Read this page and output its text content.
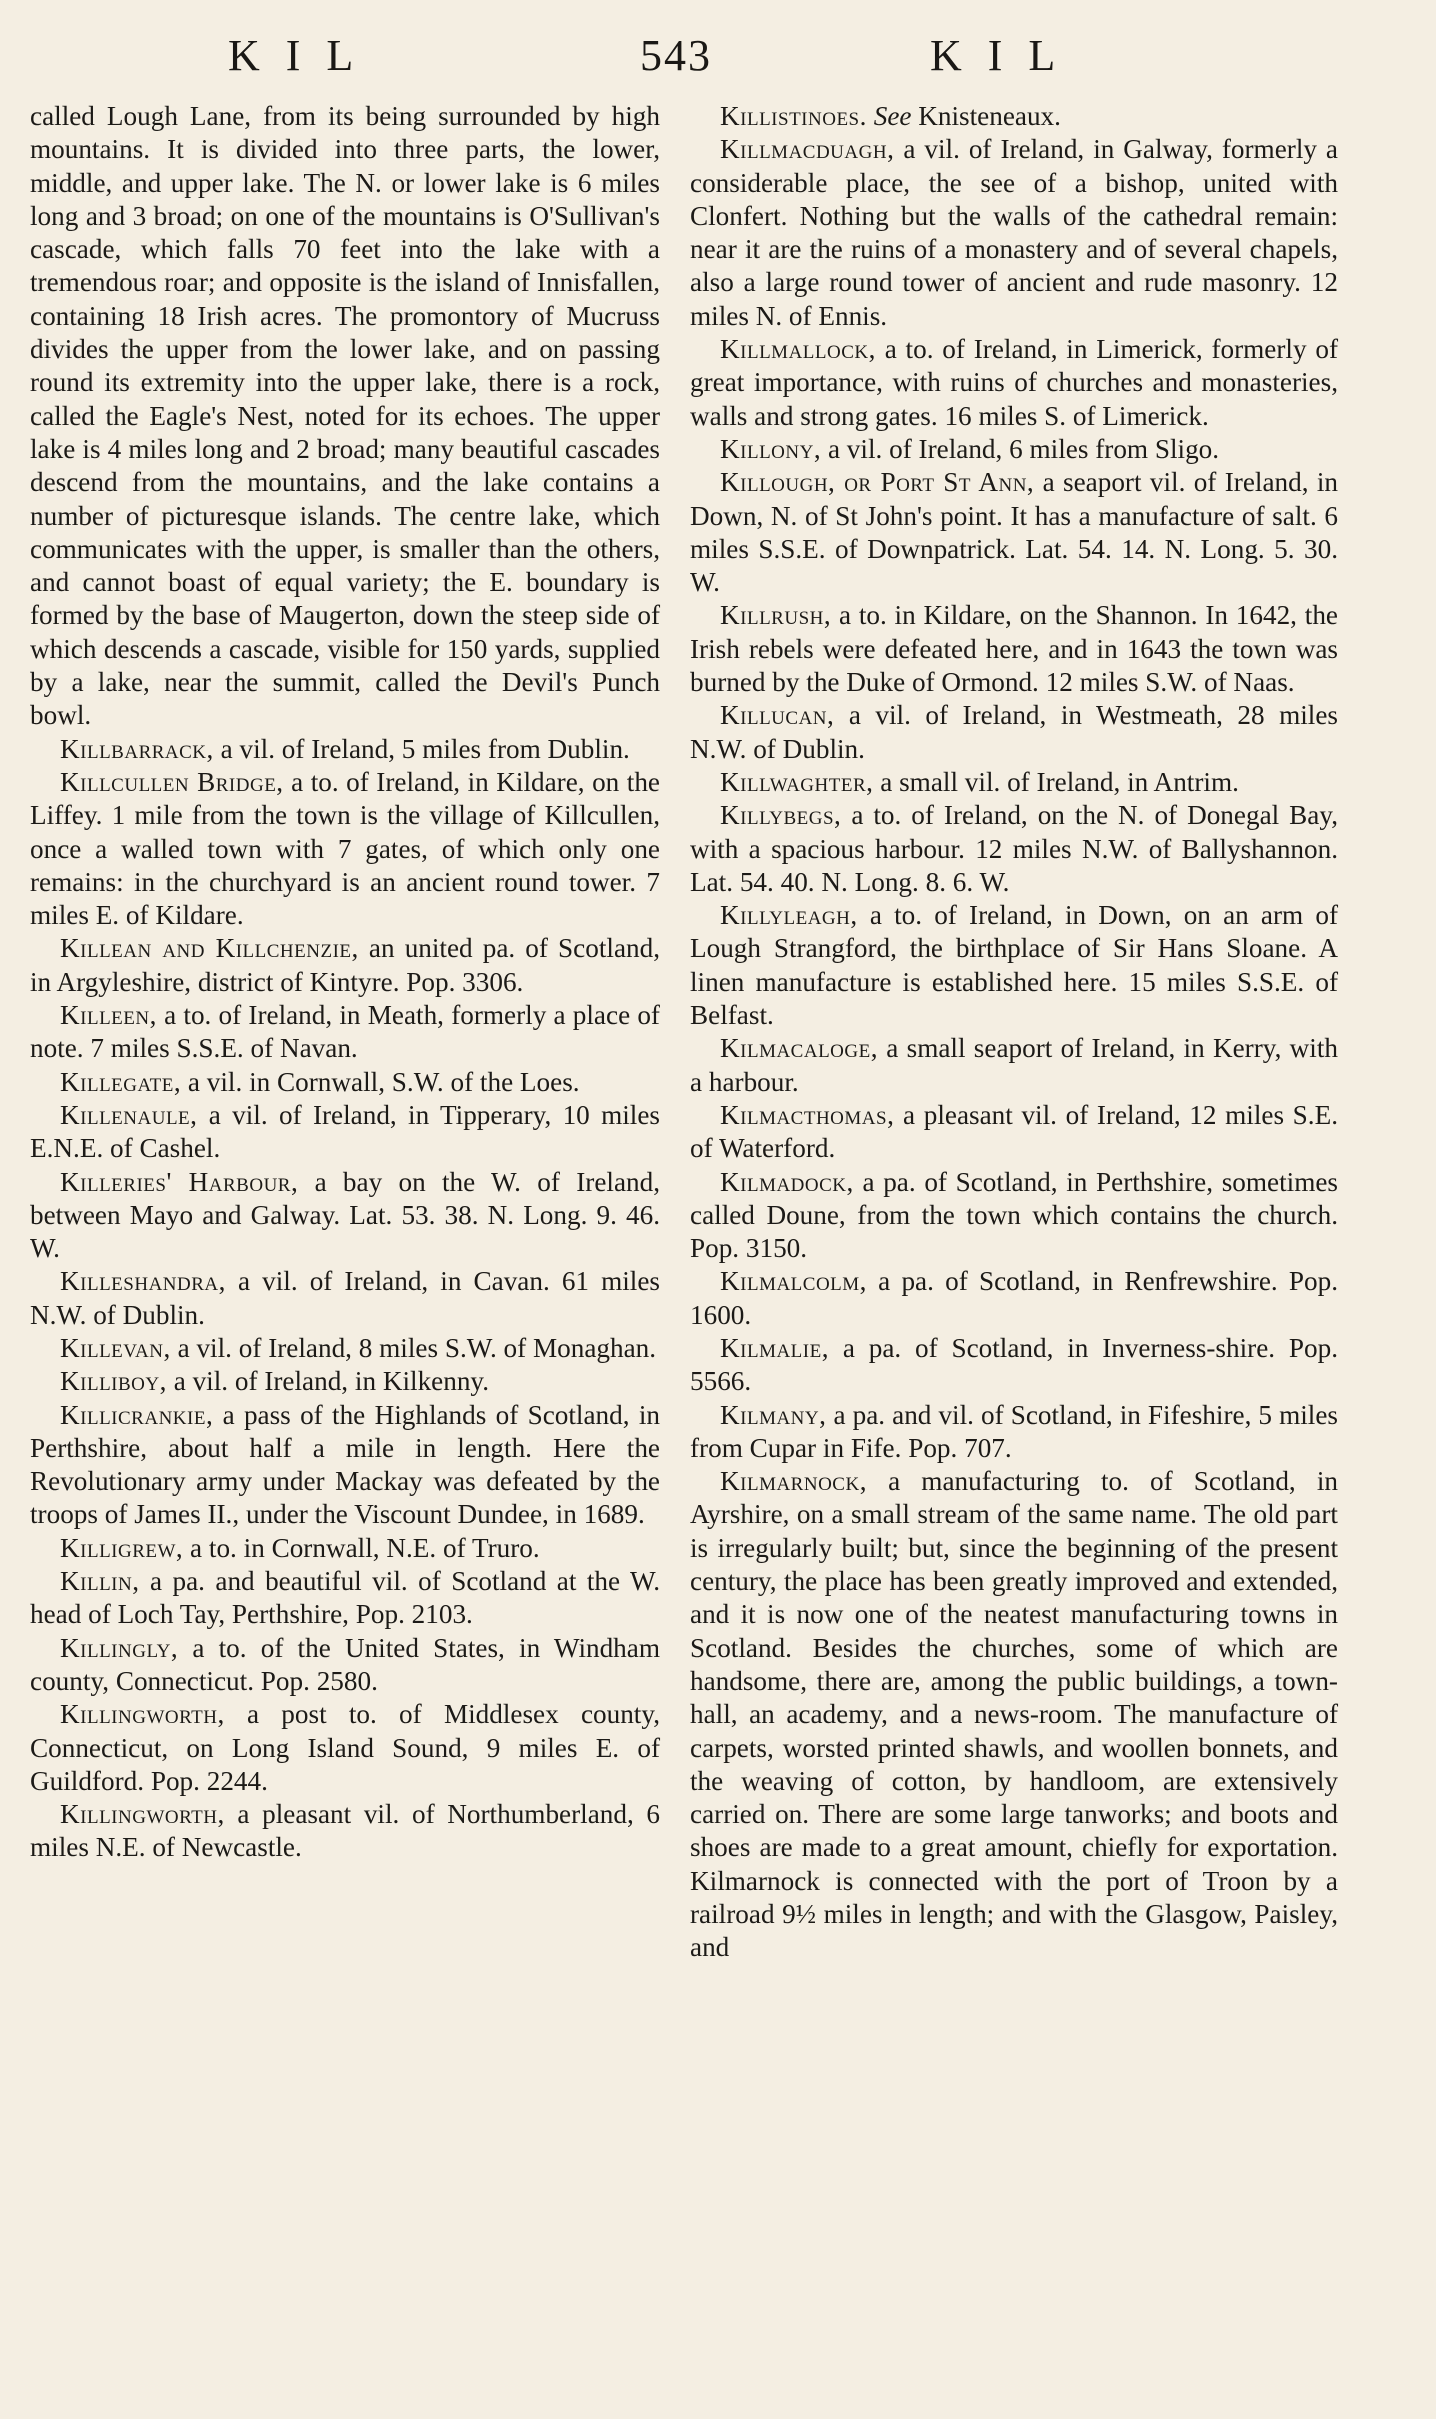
KIL	543	KIL

called Lough Lane, from its being surrounded by high mountains. It is divided into three parts, the lower, middle, and upper lake. The N. or lower lake is 6 miles long and 3 broad; on one of the mountains is O'Sullivan's cascade, which falls 70 feet into the lake with a tremendous roar; and opposite is the island of Innisfallen, containing 18 Irish acres. The promontory of Mucruss divides the upper from the lower lake, and on passing round its extremity into the upper lake, there is a rock, called the Eagle's Nest, noted for its echoes. The upper lake is 4 miles long and 2 broad; many beautiful cascades descend from the mountains, and the lake contains a number of picturesque islands. The centre lake, which communicates with the upper, is smaller than the others, and cannot boast of equal variety; the E. boundary is formed by the base of Maugerton, down the steep side of which descends a cascade, visible for 150 yards, supplied by a lake, near the summit, called the Devil's Punch bowl.

Killbarrack, a vil. of Ireland, 5 miles from Dublin.

Killcullen Bridge, a to. of Ireland, in Kildare, on the Liffey. 1 mile from the town is the village of Killcullen, once a walled town with 7 gates, of which only one remains: in the churchyard is an ancient round tower. 7 miles E. of Kildare.

Killean and Killchenzie, an united pa. of Scotland, in Argyleshire, district of Kintyre. Pop. 3306.

Killeen, a to. of Ireland, in Meath, formerly a place of note. 7 miles S.S.E. of Navan.

Killegate, a vil. in Cornwall, S.W. of the Loes.

Killenaule, a vil. of Ireland, in Tipperary, 10 miles E.N.E. of Cashel.

Killeries' Harbour, a bay on the W. of Ireland, between Mayo and Galway. Lat. 53. 38. N. Long. 9. 46. W.

Killeshandra, a vil. of Ireland, in Cavan. 61 miles N.W. of Dublin.

Killevan, a vil. of Ireland, 8 miles S.W. of Monaghan.

Killiboy, a vil. of Ireland, in Kilkenny.

Killicrankie, a pass of the Highlands of Scotland, in Perthshire, about half a mile in length. Here the Revolutionary army under Mackay was defeated by the troops of James II., under the Viscount Dundee, in 1689.

Killigrew, a to. in Cornwall, N.E. of Truro.

Killin, a pa. and beautiful vil. of Scotland at the W. head of Loch Tay, Perthshire, Pop. 2103.

Killingly, a to. of the United States, in Windham county, Connecticut. Pop. 2580.

Killingworth, a post to. of Middlesex county, Connecticut, on Long Island Sound, 9 miles E. of Guildford. Pop. 2244.

Killingworth, a pleasant vil. of Northumberland, 6 miles N.E. of Newcastle.

Killistinoes. See Knisteneaux.

Killmacduagh, a vil. of Ireland, in Galway, formerly a considerable place, the see of a bishop, united with Clonfert. Nothing but the walls of the cathedral remain: near it are the ruins of a monastery and of several chapels, also a large round tower of ancient and rude masonry. 12 miles N. of Ennis.

Killmallock, a to. of Ireland, in Limerick, formerly of great importance, with ruins of churches and monasteries, walls and strong gates. 16 miles S. of Limerick.

Killony, a vil. of Ireland, 6 miles from Sligo.

Killough, or Port St Ann, a seaport vil. of Ireland, in Down, N. of St John's point. It has a manufacture of salt. 6 miles S.S.E. of Downpatrick. Lat. 54. 14. N. Long. 5. 30. W.

Killrush, a to. in Kildare, on the Shannon. In 1642, the Irish rebels were defeated here, and in 1643 the town was burned by the Duke of Ormond. 12 miles S.W. of Naas.

Killucan, a vil. of Ireland, in Westmeath, 28 miles N.W. of Dublin.

Killwaghter, a small vil. of Ireland, in Antrim.

Killybegs, a to. of Ireland, on the N. of Donegal Bay, with a spacious harbour. 12 miles N.W. of Ballyshannon. Lat. 54. 40. N. Long. 8. 6. W.

Killyleagh, a to. of Ireland, in Down, on an arm of Lough Strangford, the birthplace of Sir Hans Sloane. A linen manufacture is established here. 15 miles S.S.E. of Belfast.

Kilmacaloge, a small seaport of Ireland, in Kerry, with a harbour.

Kilmacthomas, a pleasant vil. of Ireland, 12 miles S.E. of Waterford.

Kilmadock, a pa. of Scotland, in Perthshire, sometimes called Doune, from the town which contains the church. Pop. 3150.

Kilmalcolm, a pa. of Scotland, in Renfrewshire. Pop. 1600.

Kilmalie, a pa. of Scotland, in Inverness-shire. Pop. 5566.

Kilmany, a pa. and vil. of Scotland, in Fifeshire, 5 miles from Cupar in Fife. Pop. 707.

Kilmarnock, a manufacturing to. of Scotland, in Ayrshire, on a small stream of the same name. The old part is irregularly built; but, since the beginning of the present century, the place has been greatly improved and extended, and it is now one of the neatest manufacturing towns in Scotland. Besides the churches, some of which are handsome, there are, among the public buildings, a town-hall, an academy, and a news-room. The manufacture of carpets, worsted printed shawls, and woollen bonnets, and the weaving of cotton, by handloom, are extensively carried on. There are some large tanworks; and boots and shoes are made to a great amount, chiefly for exportation. Kilmarnock is connected with the port of Troon by a railroad 9½ miles in length; and with the Glasgow, Paisley, and
